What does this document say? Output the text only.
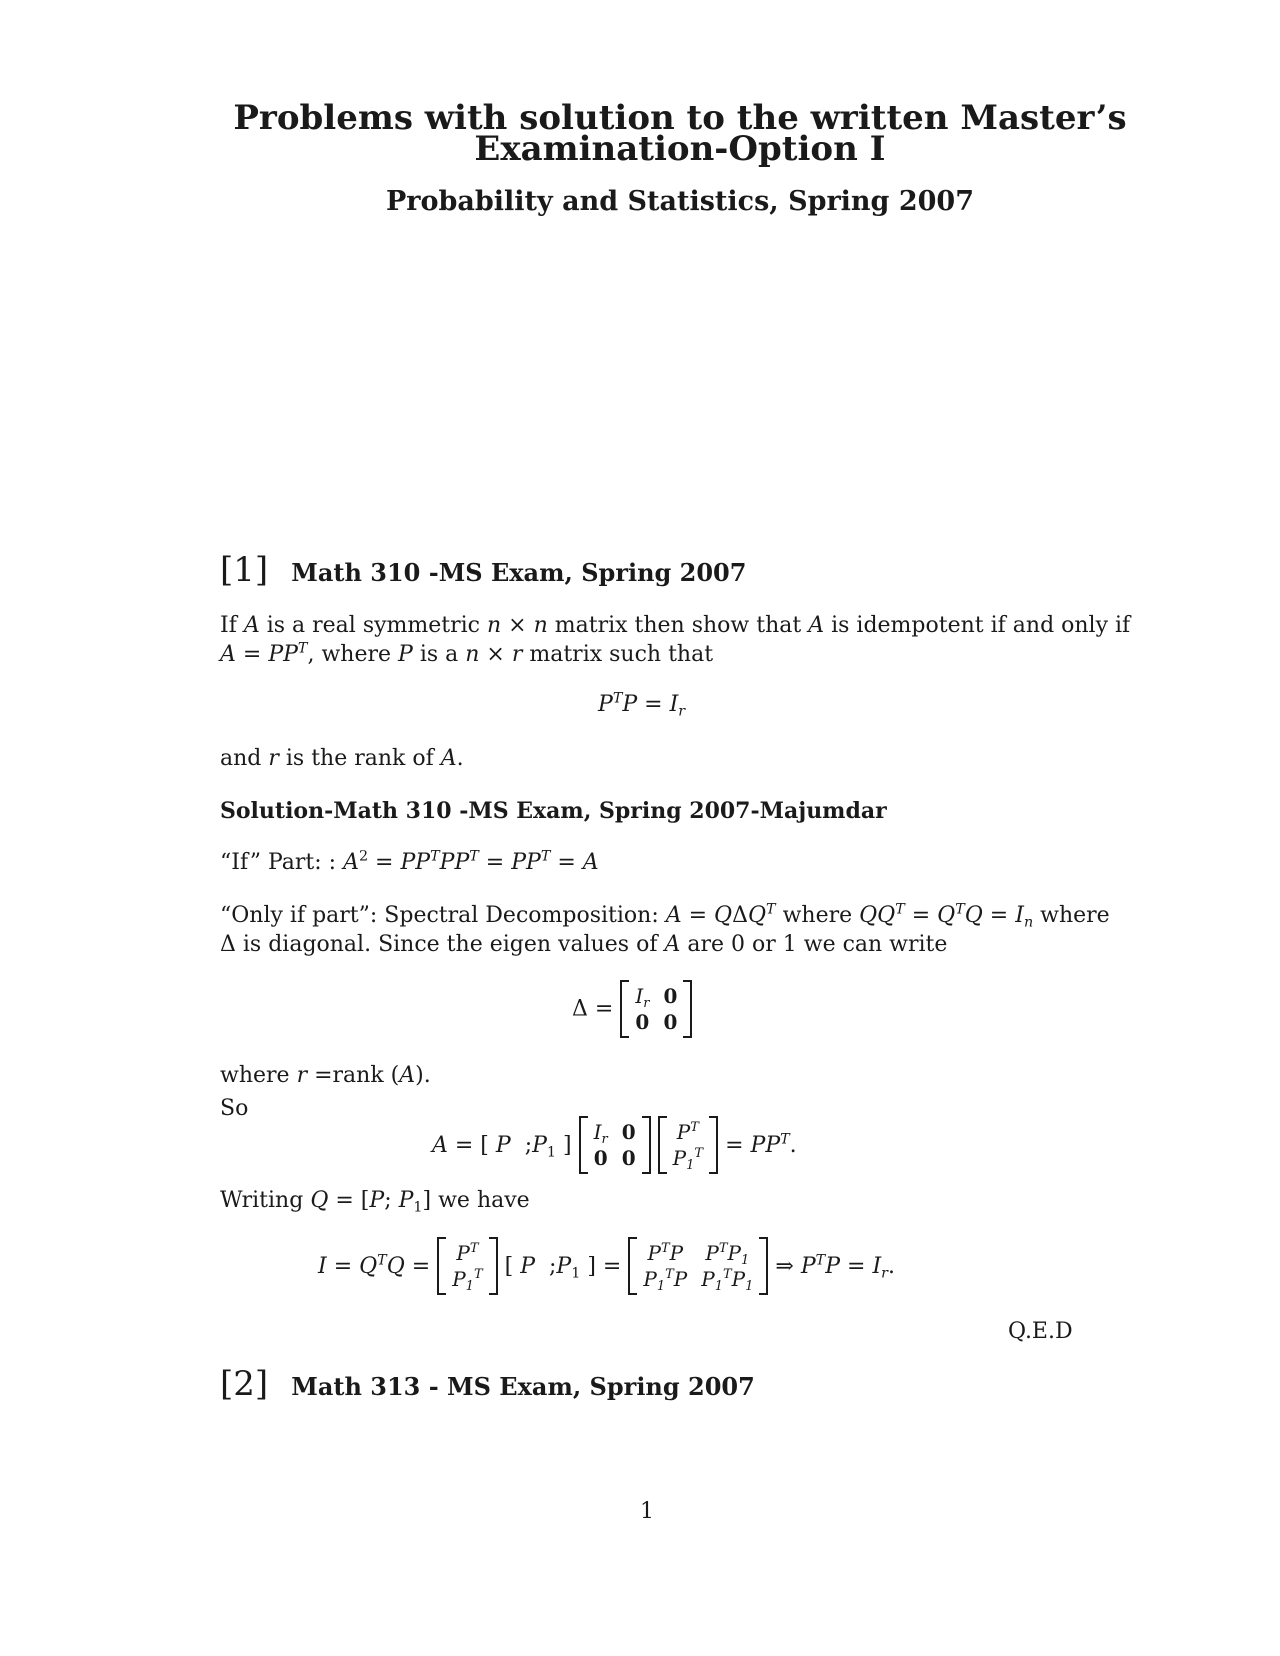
Problems with solution to the written Master’s
Examination-Option I
Probability and Statistics, Spring 2007
[1] Math 310 -MS Exam, Spring 2007
If A is a real symmetric n × n matrix then show that A is idempotent if and only if
$A = PP^T$, where P is a n × r matrix such that
$P^TP = I_r$
and r is the rank of A.
Solution-Math 310 -MS Exam, Spring 2007-Majumdar
“If” Part: : $A^2 = PP^TPP^T = PP^T = A$
“Only if part”: Spectral Decomposition: $A = Q\Delta Q^T$ where $QQ^T = Q^TQ = I_n$ where
Δ is diagonal. Since the eigen values of A are 0 or 1 we can write
Δ =
$I_r$ 0
0 0
where r =rank (A).
So
A = [ P  $;P_1$ ]
$I_r$ 0
0 0

$P^T$
$P_1^T = PP^T$.
Writing Q = [P; $P_1$] we have
$I = Q^TQ$ =
$P^T$
$P_1^T$ [ P  $;P_1$ ] =
$P^TP$ $P^TP_1$
$P_1^TP$ $P_1^TP_1$
⇒ $P^TP = I_r$.
Q.E.D
[2] Math 313 - MS Exam, Spring 2007
1
